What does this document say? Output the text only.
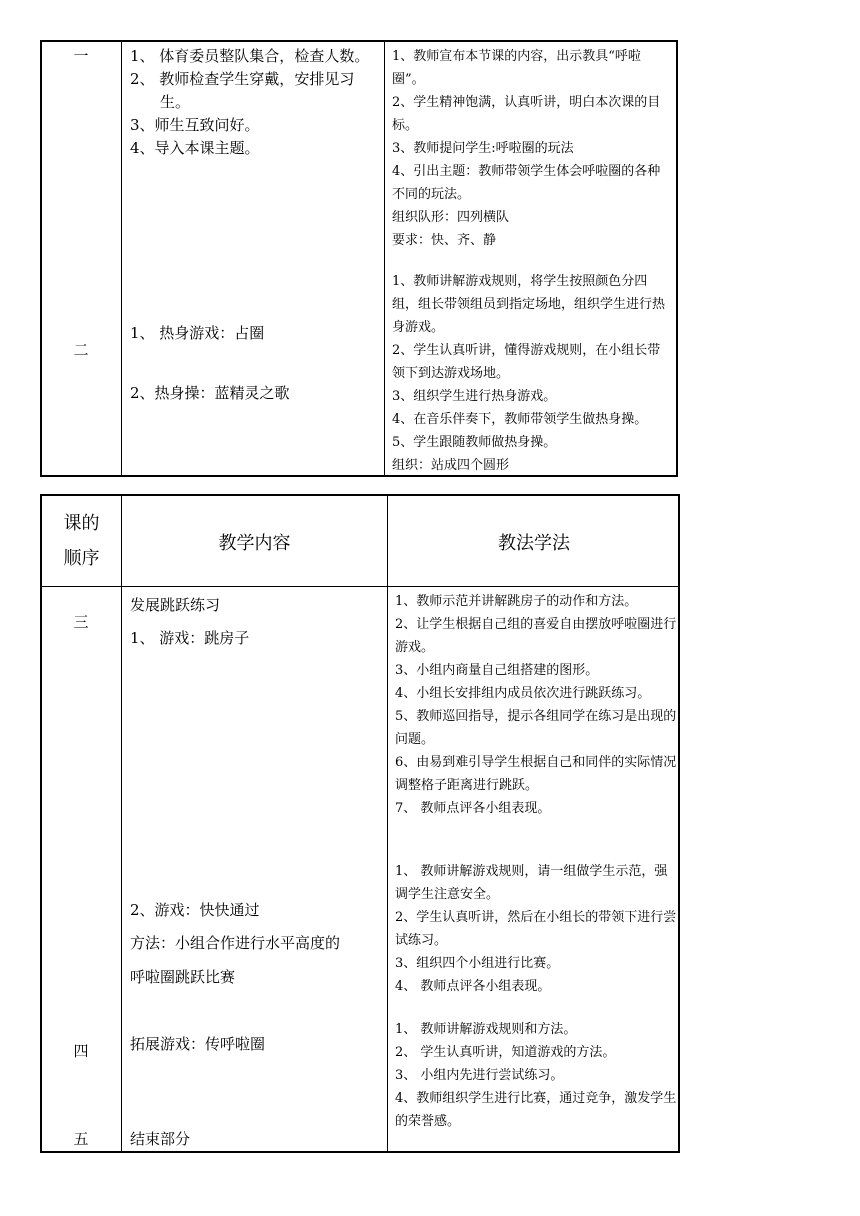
一
二
1、 体育委员整队集合，检查人数。
2、 教师检查学生穿戴，安排见习生。
3、师生互致问好。
4、导入本课主题。
1、 热身游戏：占圈
2、热身操：蓝精灵之歌
1、教师宣布本节课的内容，出示教具“呼啦圈”。
2、学生精神饱满，认真听讲，明白本次课的目标。
3、教师提问学生:呼啦圈的玩法
4、引出主题：教师带领学生体会呼啦圈的各种不同的玩法。
组织队形：四列横队
要求：快、齐、静
1、教师讲解游戏规则，将学生按照颜色分四组，组长带领组员到指定场地，组织学生进行热身游戏。
2、学生认真听讲，懂得游戏规则，在小组长带领下到达游戏场地。
3、组织学生进行热身游戏。
4、在音乐伴奏下，教师带领学生做热身操。
5、学生跟随教师做热身操。
组织：站成四个圆形
课的
顺序
教学内容	教法学法
三
四
五
发展跳跃练习
1、 游戏：跳房子
2、游戏：快快通过
方法：小组合作进行水平高度的
呼啦圈跳跃比赛
拓展游戏：传呼啦圈
结束部分
1、教师示范并讲解跳房子的动作和方法。
2、让学生根据自己组的喜爱自由摆放呼啦圈进行游戏。
3、小组内商量自己组搭建的图形。
4、小组长安排组内成员依次进行跳跃练习。
5、教师巡回指导，提示各组同学在练习是出现的问题。
6、由易到难引导学生根据自己和同伴的实际情况调整格子距离进行跳跃。
7、 教师点评各小组表现。
1、 教师讲解游戏规则，请一组做学生示范，强调学生注意安全。
2、学生认真听讲，然后在小组长的带领下进行尝试练习。
3、组织四个小组进行比赛。
4、 教师点评各小组表现。
1、 教师讲解游戏规则和方法。
2、 学生认真听讲，知道游戏的方法。
3、 小组内先进行尝试练习。
4、教师组织学生进行比赛，通过竞争，激发学生的荣誉感。
